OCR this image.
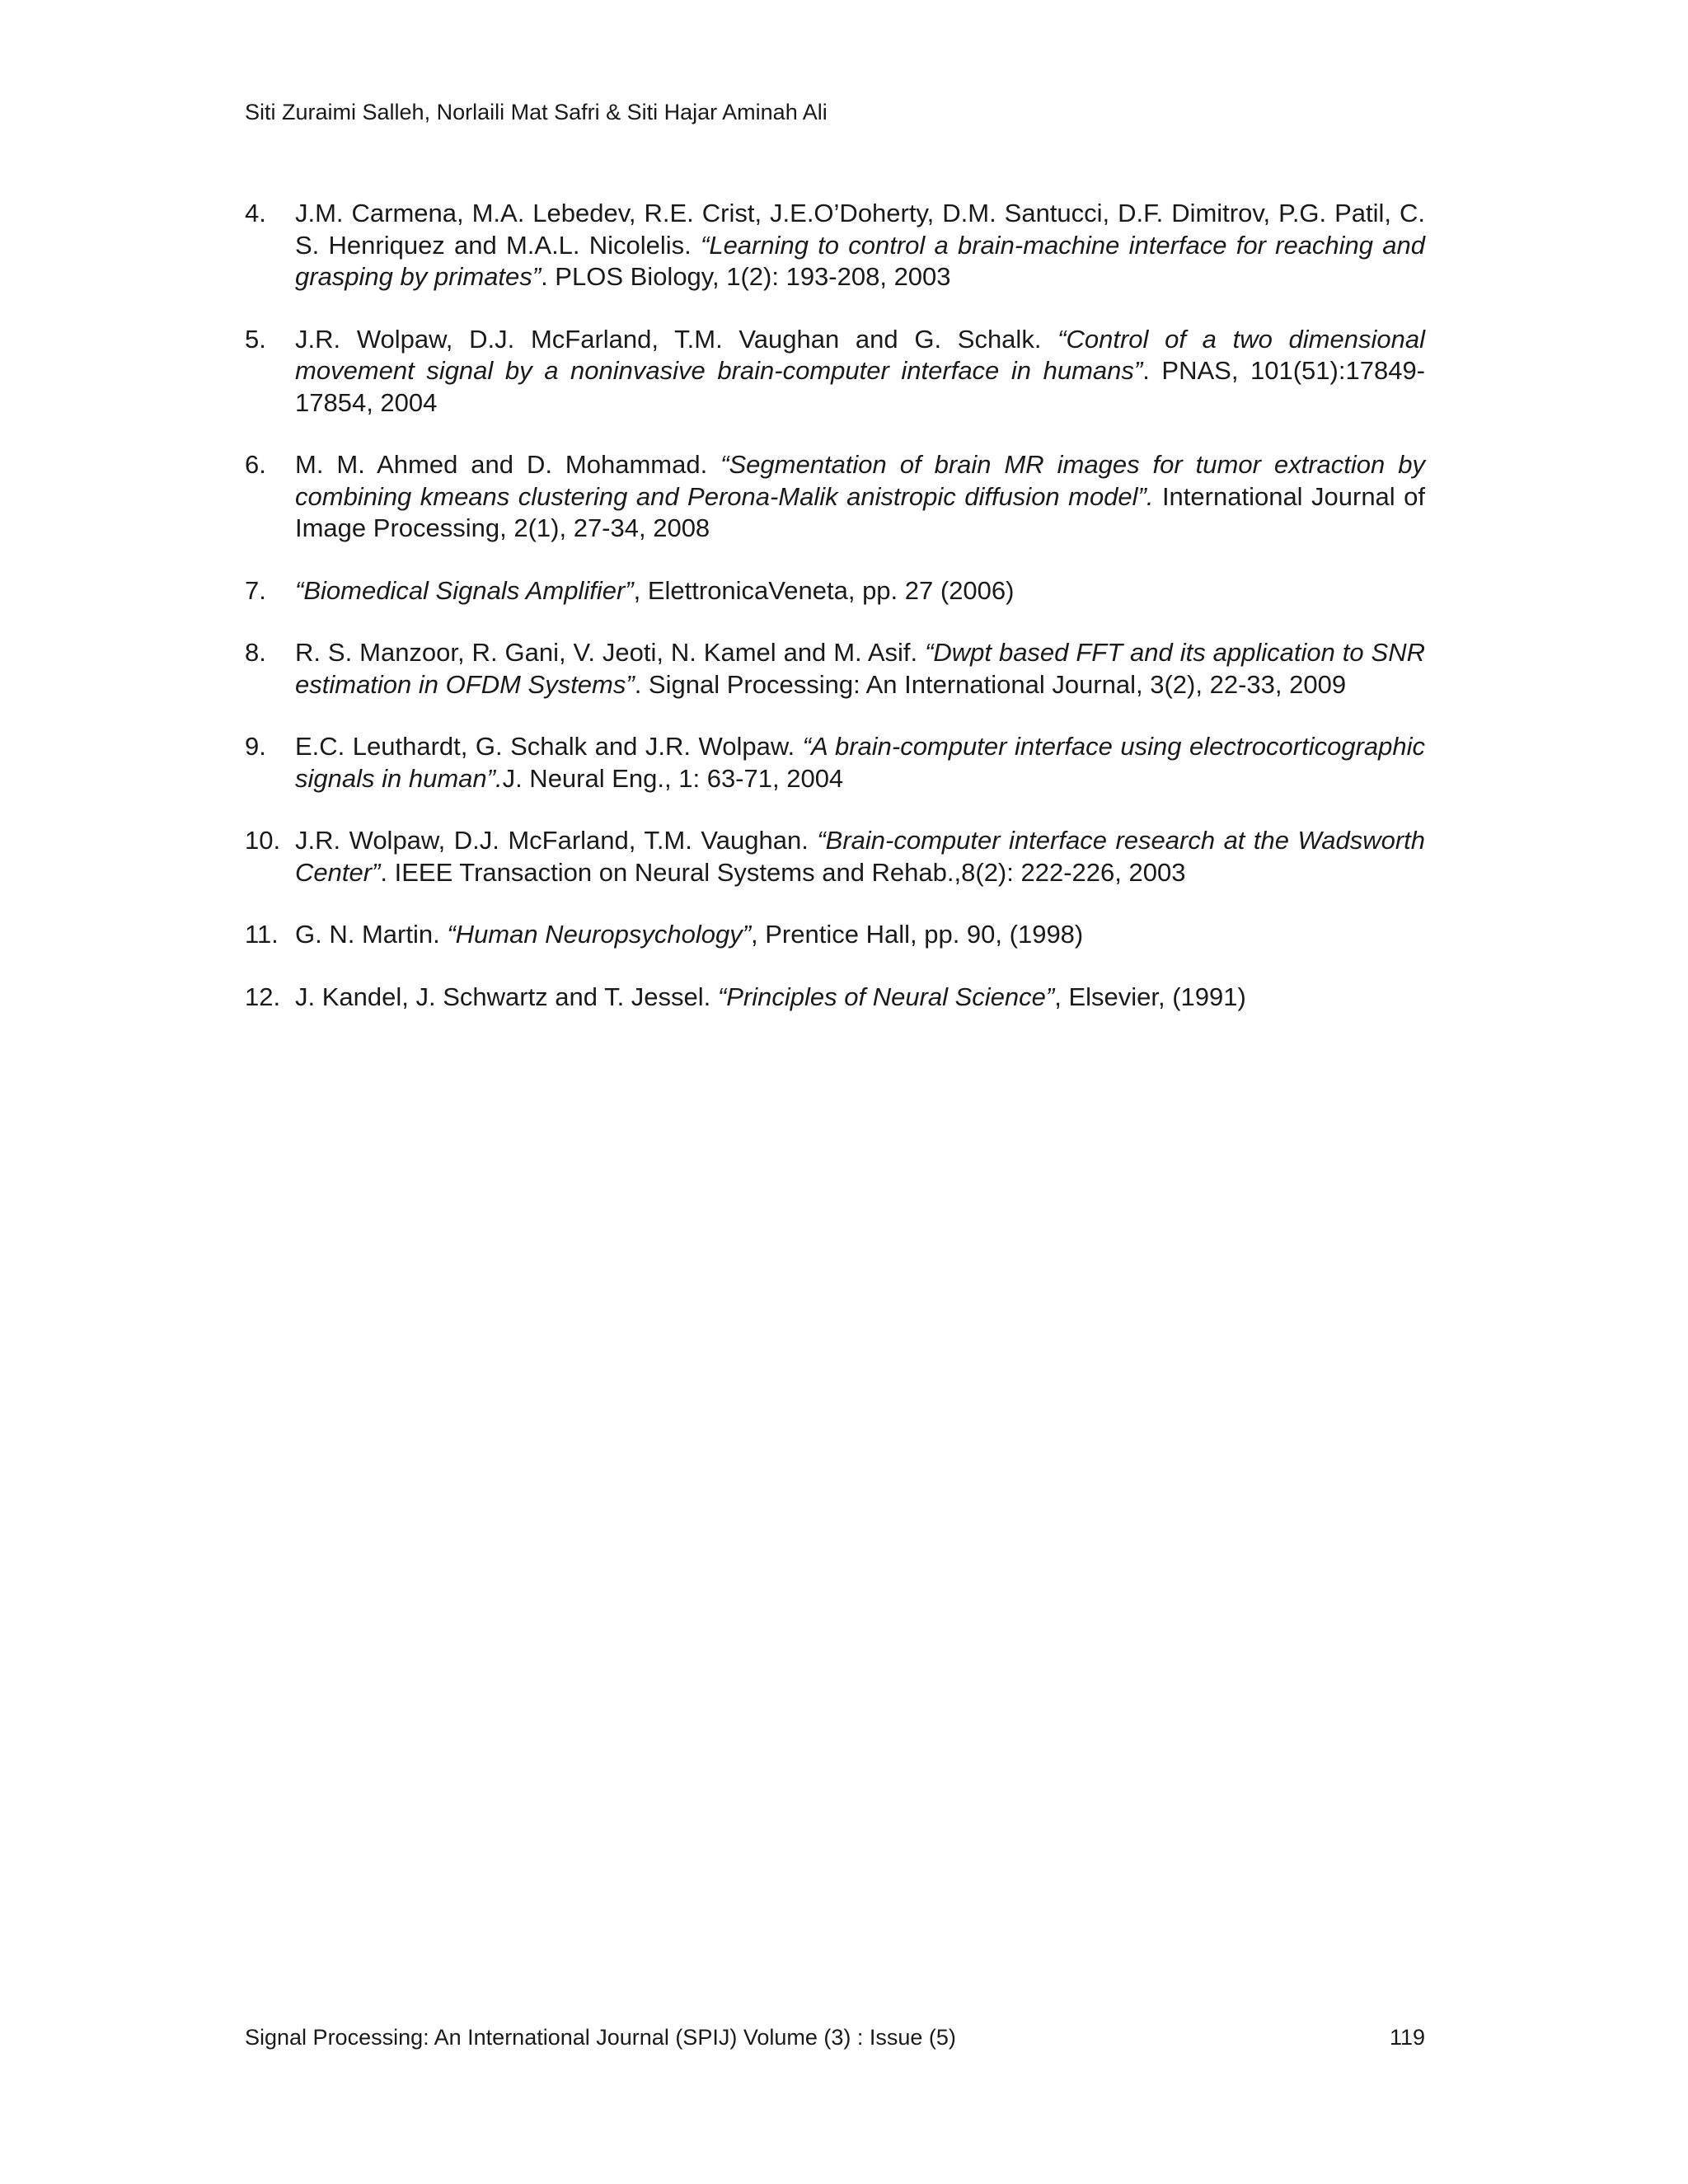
Siti Zuraimi Salleh, Norlaili Mat Safri & Siti Hajar Aminah Ali
4. J.M. Carmena, M.A. Lebedev, R.E. Crist, J.E.O’Doherty, D.M. Santucci, D.F. Dimitrov, P.G. Patil, C. S. Henriquez and M.A.L. Nicolelis. “Learning to control a brain-machine interface for reaching and grasping by primates”. PLOS Biology, 1(2): 193-208, 2003
5. J.R. Wolpaw, D.J. McFarland, T.M. Vaughan and G. Schalk. “Control of a two dimensional movement signal by a noninvasive brain-computer interface in humans”. PNAS, 101(51):17849-17854, 2004
6. M. M. Ahmed and D. Mohammad. “Segmentation of brain MR images for tumor extraction by combining kmeans clustering and Perona-Malik anistropic diffusion model”. International Journal of Image Processing, 2(1), 27-34, 2008
7. “Biomedical Signals Amplifier”, ElettronicaVeneta, pp. 27 (2006)
8. R. S. Manzoor, R. Gani, V. Jeoti, N. Kamel and M. Asif. “Dwpt based FFT and its application to SNR estimation in OFDM Systems”. Signal Processing: An International Journal, 3(2), 22-33, 2009
9. E.C. Leuthardt, G. Schalk and J.R. Wolpaw. “A brain-computer interface using electrocorticographic signals in human”.J. Neural Eng., 1: 63-71, 2004
10. J.R. Wolpaw, D.J. McFarland, T.M. Vaughan. “Brain-computer interface research at the Wadsworth Center”. IEEE Transaction on Neural Systems and Rehab.,8(2): 222-226, 2003
11. G. N. Martin. “Human Neuropsychology”, Prentice Hall, pp. 90, (1998)
12. J. Kandel, J. Schwartz and T. Jessel. “Principles of Neural Science”, Elsevier, (1991)
Signal Processing: An International Journal (SPIJ) Volume (3) : Issue (5)	119
